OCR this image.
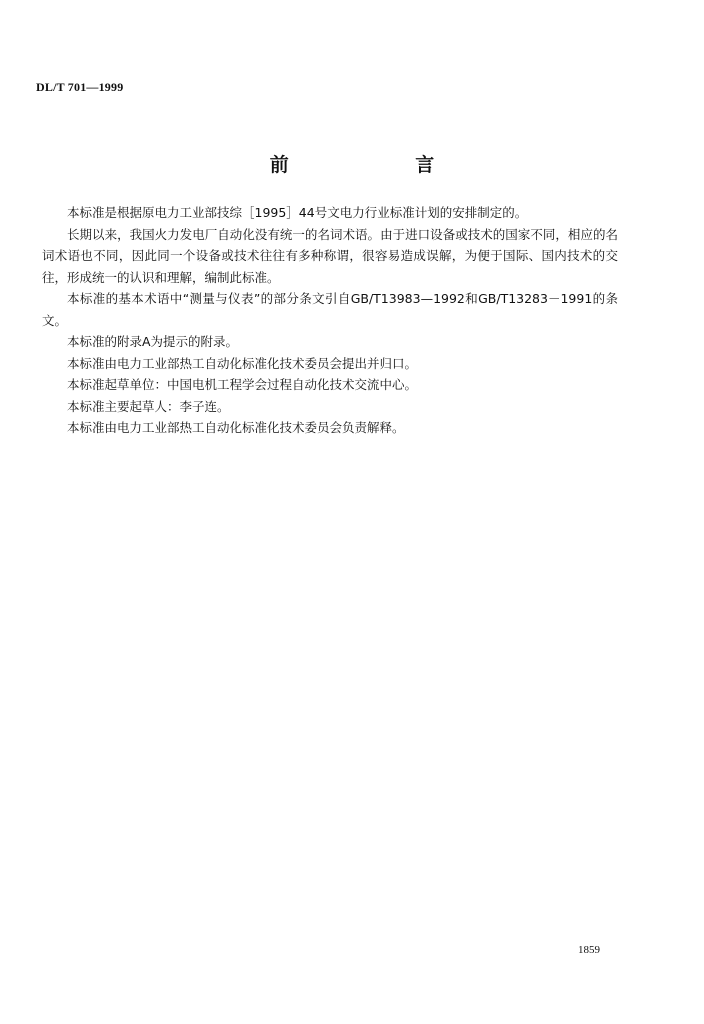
DL/T 701—1999
前 言

本标准是根据原电力工业部技综［1995］44号文电力行业标准计划的安排制定的。

长期以来，我国火力发电厂自动化没有统一的名词术语。由于进口设备或技术的国家不同，相应的名词术语也不同，因此同一个设备或技术往往有多种称谓，很容易造成误解，为便于国际、国内技术的交往，形成统一的认识和理解，编制此标准。

本标准的基本术语中“测量与仪表”的部分条文引自GB/T13983—1992和GB/T13283－1991的条文。

本标准的附录A为提示的附录。

本标准由电力工业部热工自动化标准化技术委员会提出并归口。

本标准起草单位：中国电机工程学会过程自动化技术交流中心。

本标准主要起草人：李子连。

本标准由电力工业部热工自动化标准化技术委员会负责解释。

1859
